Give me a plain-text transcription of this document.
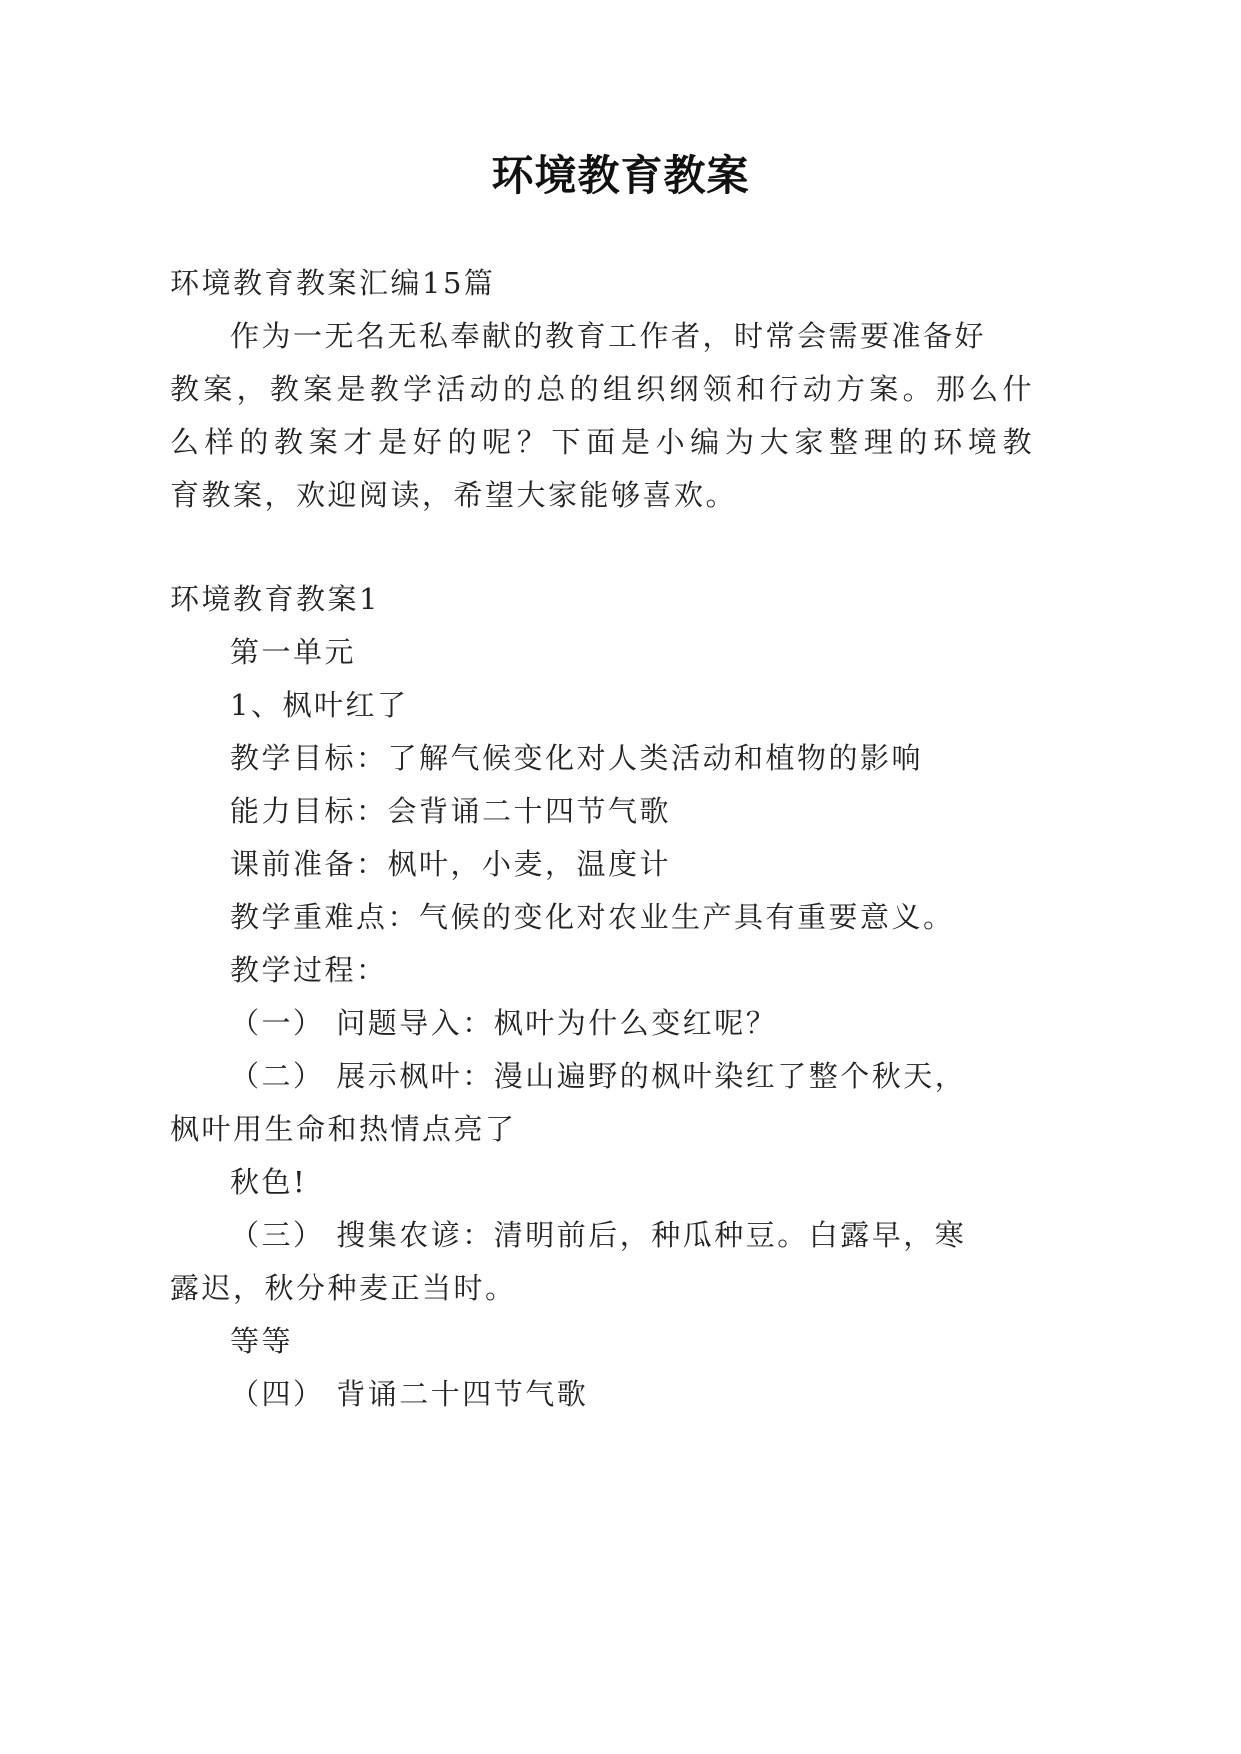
环境教育教案
环境教育教案汇编15篇
作为一无名无私奉献的教育工作者，时常会需要准备好
教案，教案是教学活动的总的组织纲领和行动方案。那么什
么样的教案才是好的呢？下面是小编为大家整理的环境教
育教案，欢迎阅读，希望大家能够喜欢。
环境教育教案1
第一单元
1、枫叶红了
教学目标：了解气候变化对人类活动和植物的影响
能力目标：会背诵二十四节气歌
课前准备：枫叶，小麦，温度计
教学重难点：气候的变化对农业生产具有重要意义。
教学过程：
（一） 问题导入：枫叶为什么变红呢？
（二） 展示枫叶：漫山遍野的枫叶染红了整个秋天，
枫叶用生命和热情点亮了
秋色!
（三） 搜集农谚：清明前后，种瓜种豆。白露早，寒
露迟，秋分种麦正当时。
等等
（四） 背诵二十四节气歌
